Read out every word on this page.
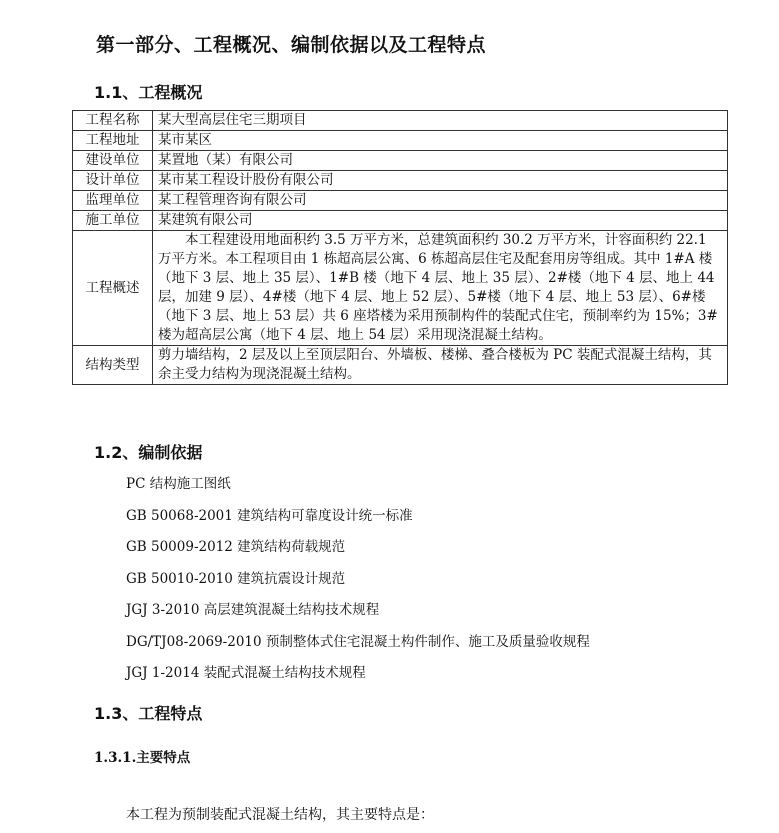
第一部分、工程概况、编制依据以及工程特点
1.1、工程概况
工程名称	某大型高层住宅三期项目
工程地址	某市某区
建设单位	某置地（某）有限公司
设计单位	某市某工程设计股份有限公司
监理单位	某工程管理咨询有限公司
施工单位	某建筑有限公司
工程概述	本工程建设用地面积约 3.5 万平方米，总建筑面积约 30.2 万平方米，计容面积约 22.1 万平方米。本工程项目由 1 栋超高层公寓、6 栋超高层住宅及配套用房等组成。其中 1#A 楼（地下 3 层、地上 35 层）、1#B 楼（地下 4 层、地上 35 层）、2#楼（地下 4 层、地上 44 层，加建 9 层）、4#楼（地下 4 层、地上 52 层）、5#楼（地下 4 层、地上 53 层）、6#楼（地下 3 层、地上 53 层）共 6 座塔楼为采用预制构件的装配式住宅，预制率约为 15%；3#楼为超高层公寓（地下 4 层、地上 54 层）采用现浇混凝土结构。

结构类型	剪力墙结构，2 层及以上至顶层阳台、外墙板、楼梯、叠合楼板为 PC 装配式混凝土结构，其余主受力结构为现浇混凝土结构。
1.2、编制依据
PC 结构施工图纸
GB 50068-2001 建筑结构可靠度设计统一标准
GB 50009-2012 建筑结构荷载规范
GB 50010-2010 建筑抗震设计规范
JGJ 3-2010 高层建筑混凝土结构技术规程
DG/TJ08-2069-2010 预制整体式住宅混凝土构件制作、施工及质量验收规程
JGJ 1-2014 装配式混凝土结构技术规程
1.3、工程特点
1.3.1.主要特点

本工程为预制装配式混凝土结构，其主要特点是：
